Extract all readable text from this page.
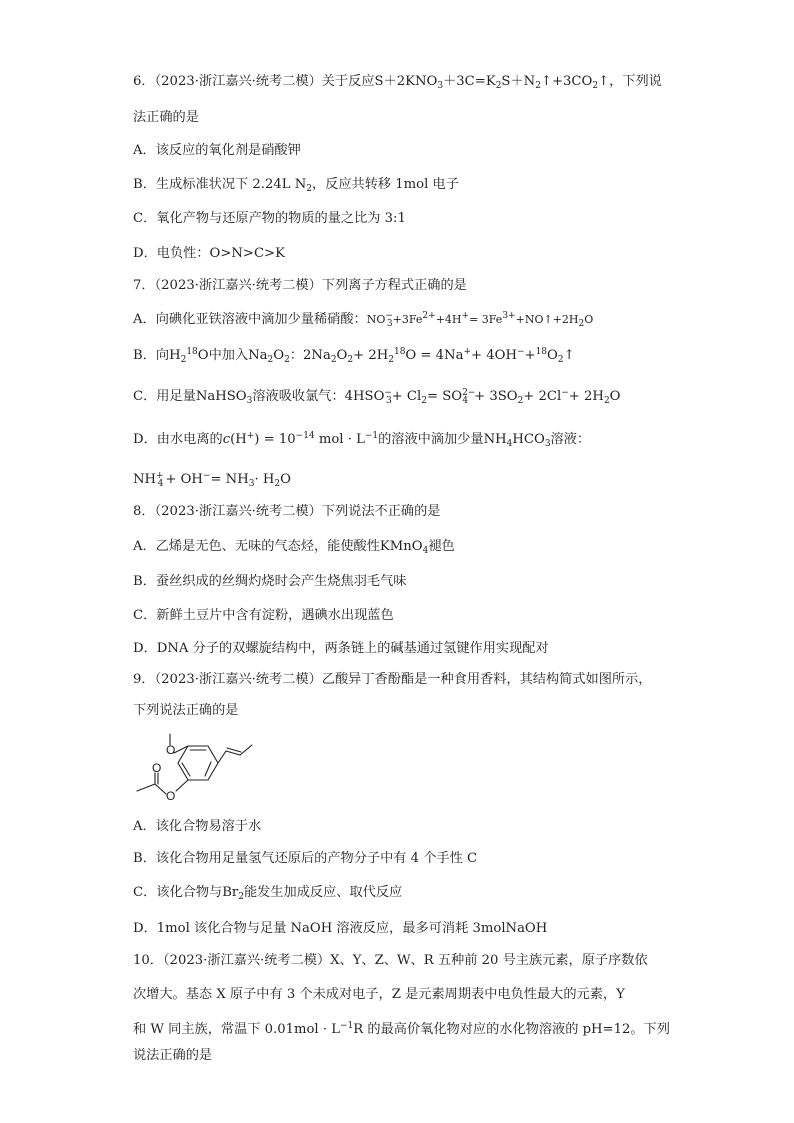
6．（2023·浙江嘉兴·统考二模）关于反应$S+2KNO_3+3C=K_2S+N_2↑+3CO_2↑$，下列说
法正确的是
A．该反应的氧化剂是硝酸钾
B．生成标准状况下 2.24L $N_2$，反应共转移 1mol 电子
C．氧化产物与还原产物的物质的量之比为 3:1
D．电负性：O>N>C>K
7．（2023·浙江嘉兴·统考二模）下列离子方程式正确的是
A．向碘化亚铁溶液中滴加少量稀硝酸：$NO^-_3+3Fe^{2+}+4H^+=$ $3Fe^{3+}+NO↑+2H_2O$
B．向$H_2^{18}O$中加入$Na_2O_2$：$2Na_2O_2+ 2H_2^{18}O = 4Na^++$ $4OH^-+^{18}O_2↑$
C．用足量NaHSO$_3$溶液吸收氯气：$4HSO^-_3+ Cl_2= SO^{2-}_4 + 3SO_2+ 2Cl^-+ 2H_2O$
D．由水电离的$c(H^+) = 10^{-14}$ mol · $L^{-1}$的溶液中滴加少量$NH_4HCO_3$溶液：
$NH^+_4 + OH^-= NH_3\cdot H_2O$
8．（2023·浙江嘉兴·统考二模）下列说法不正确的是
A．乙烯是无色、无味的气态烃，能使酸性KMnO$_4$褪色
B．蚕丝织成的丝绸灼烧时会产生烧焦羽毛气味
C．新鲜土豆片中含有淀粉，遇碘水出现蓝色
D．DNA 分子的双螺旋结构中，两条链上的碱基通过氢键作用实现配对
9．（2023·浙江嘉兴·统考二模）乙酸异丁香酚酯是一种食用香料，其结构简式如图所示，
下列说法正确的是
O
O
O
A．该化合物易溶于水
B．该化合物用足量氢气还原后的产物分子中有 4 个手性 C
C．该化合物与$Br_2$能发生加成反应、取代反应
D．1mol 该化合物与足量 NaOH 溶液反应，最多可消耗 3molNaOH
10．（2023·浙江嘉兴·统考二模）X、Y、Z、W、R 五种前 20 号主族元素，原子序数依
次增大。基态 X 原子中有 3 个未成对电子，Z 是元素周期表中电负性最大的元素，Y
和 W 同主族，常温下 $0.01mol \cdot L^{-1}R$ 的最高价氧化物对应的水化物溶液的 pH=12。下列
说法正确的是
